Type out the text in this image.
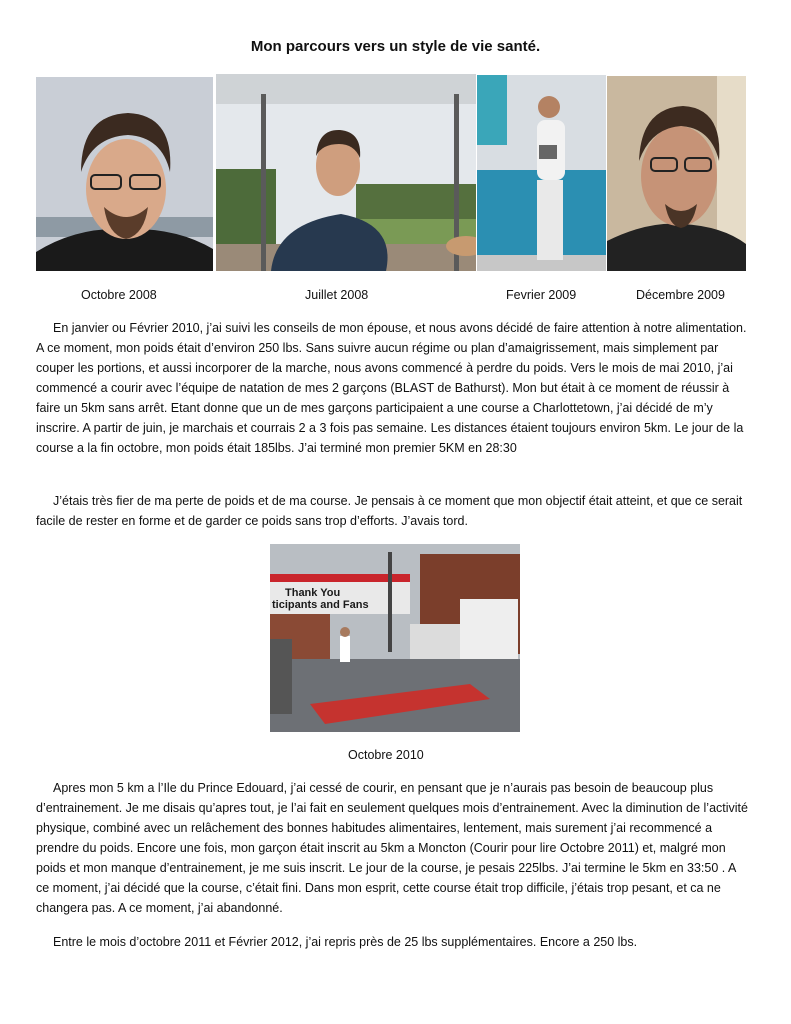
Mon parcours vers un style de vie santé.
Octobre 2008	Juillet 2008	Fevrier 2009	Décembre 2009

En janvier ou Février 2010, j’ai suivi les conseils de mon épouse, et nous avons décidé de faire attention à notre alimentation. A ce moment, mon poids était d’environ 250 lbs. Sans suivre aucun régime ou plan d’amaigrissement, mais simplement par couper les portions, et aussi incorporer de la marche, nous avons commencé à perdre du poids. Vers le mois de mai 2010, j’ai commencé a courir avec l’équipe de natation de mes 2 garçons (BLAST de Bathurst). Mon but était à ce moment de réussir à faire un 5km sans arrêt. Etant donne que un de mes garçons participaient a une course a Charlottetown, j’ai décidé de m’y inscrire. A partir de juin, je marchais et courrais 2 a 3 fois pas semaine. Les distances étaient toujours environ 5km. Le jour de la course a la fin octobre, mon poids était 185lbs. J’ai terminé mon premier 5KM en 28:30

J’étais très fier de ma perte de poids et de ma course. Je pensais à ce moment que mon objectif était atteint, et que ce serait facile de rester en forme et de garder ce poids sans trop d’efforts. J’avais tord.

Thank You
ticipants and Fans
Octobre 2010

Apres mon 5 km a l’Ile du Prince Edouard, j’ai cessé de courir, en pensant que je n’aurais pas besoin de beaucoup plus d’entrainement. Je me disais qu’apres tout, je l’ai fait en seulement quelques mois d’entrainement. Avec la diminution de l’activité physique, combiné avec un relâchement des bonnes habitudes alimentaires, lentement, mais surement j’ai recommencé a prendre du poids. Encore une fois, mon garçon était inscrit au 5km a Moncton (Courir pour lire Octobre 2011) et, malgré mon poids et mon manque d’entrainement, je me suis inscrit. Le jour de la course, je pesais 225lbs. J’ai termine le 5km en 33:50 . A ce moment, j’ai décidé que la course, c’était fini. Dans mon esprit, cette course était trop difficile, j’étais trop pesant, et ca ne changera pas. A ce moment, j’ai abandonné.

Entre le mois d’octobre 2011 et Février 2012, j’ai repris près de 25 lbs supplémentaires. Encore a 250 lbs.
